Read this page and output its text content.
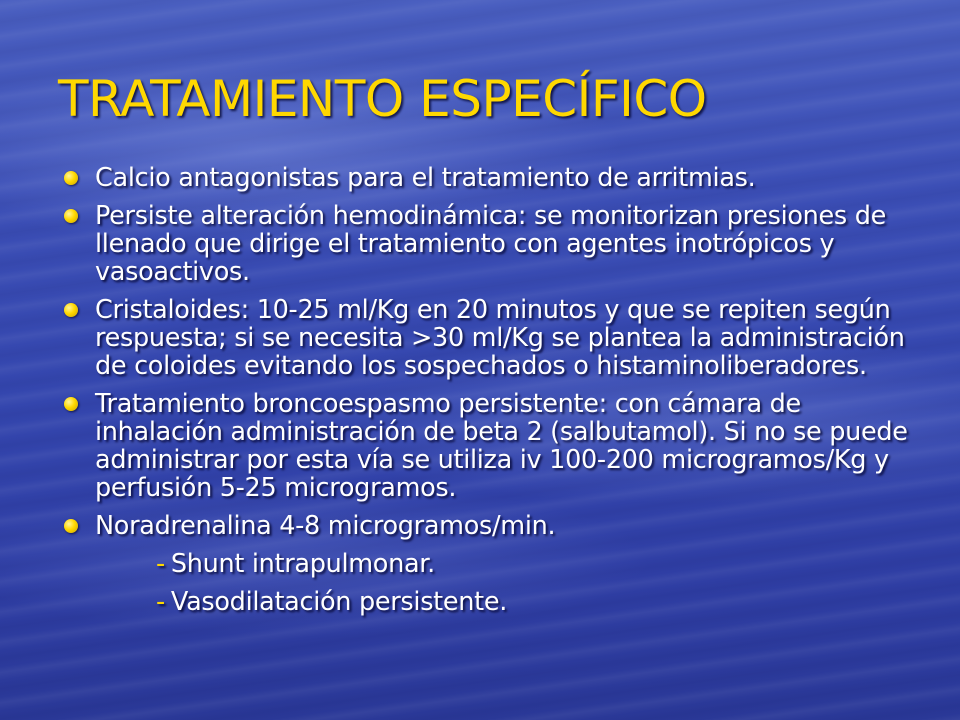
TRATAMIENTO ESPECÍFICO
Calcio antagonistas para el tratamiento de arritmias.
Persiste alteración hemodinámica: se monitorizan presiones de llenado que dirige el tratamiento con agentes inotrópicos y vasoactivos.
Cristaloides: 10-25 ml/Kg en 20 minutos y que se repiten según respuesta; si se necesita >30 ml/Kg se plantea la administración de coloides evitando los sospechados o histaminoliberadores.
Tratamiento broncoespasmo persistente: con cámara de inhalación administración de beta 2 (salbutamol). Si no se puede administrar por esta vía se utiliza iv 100-200 microgramos/Kg y perfusión 5-25 microgramos.
Noradrenalina 4-8 microgramos/min.
- Shunt intrapulmonar.
- Vasodilatación persistente.
